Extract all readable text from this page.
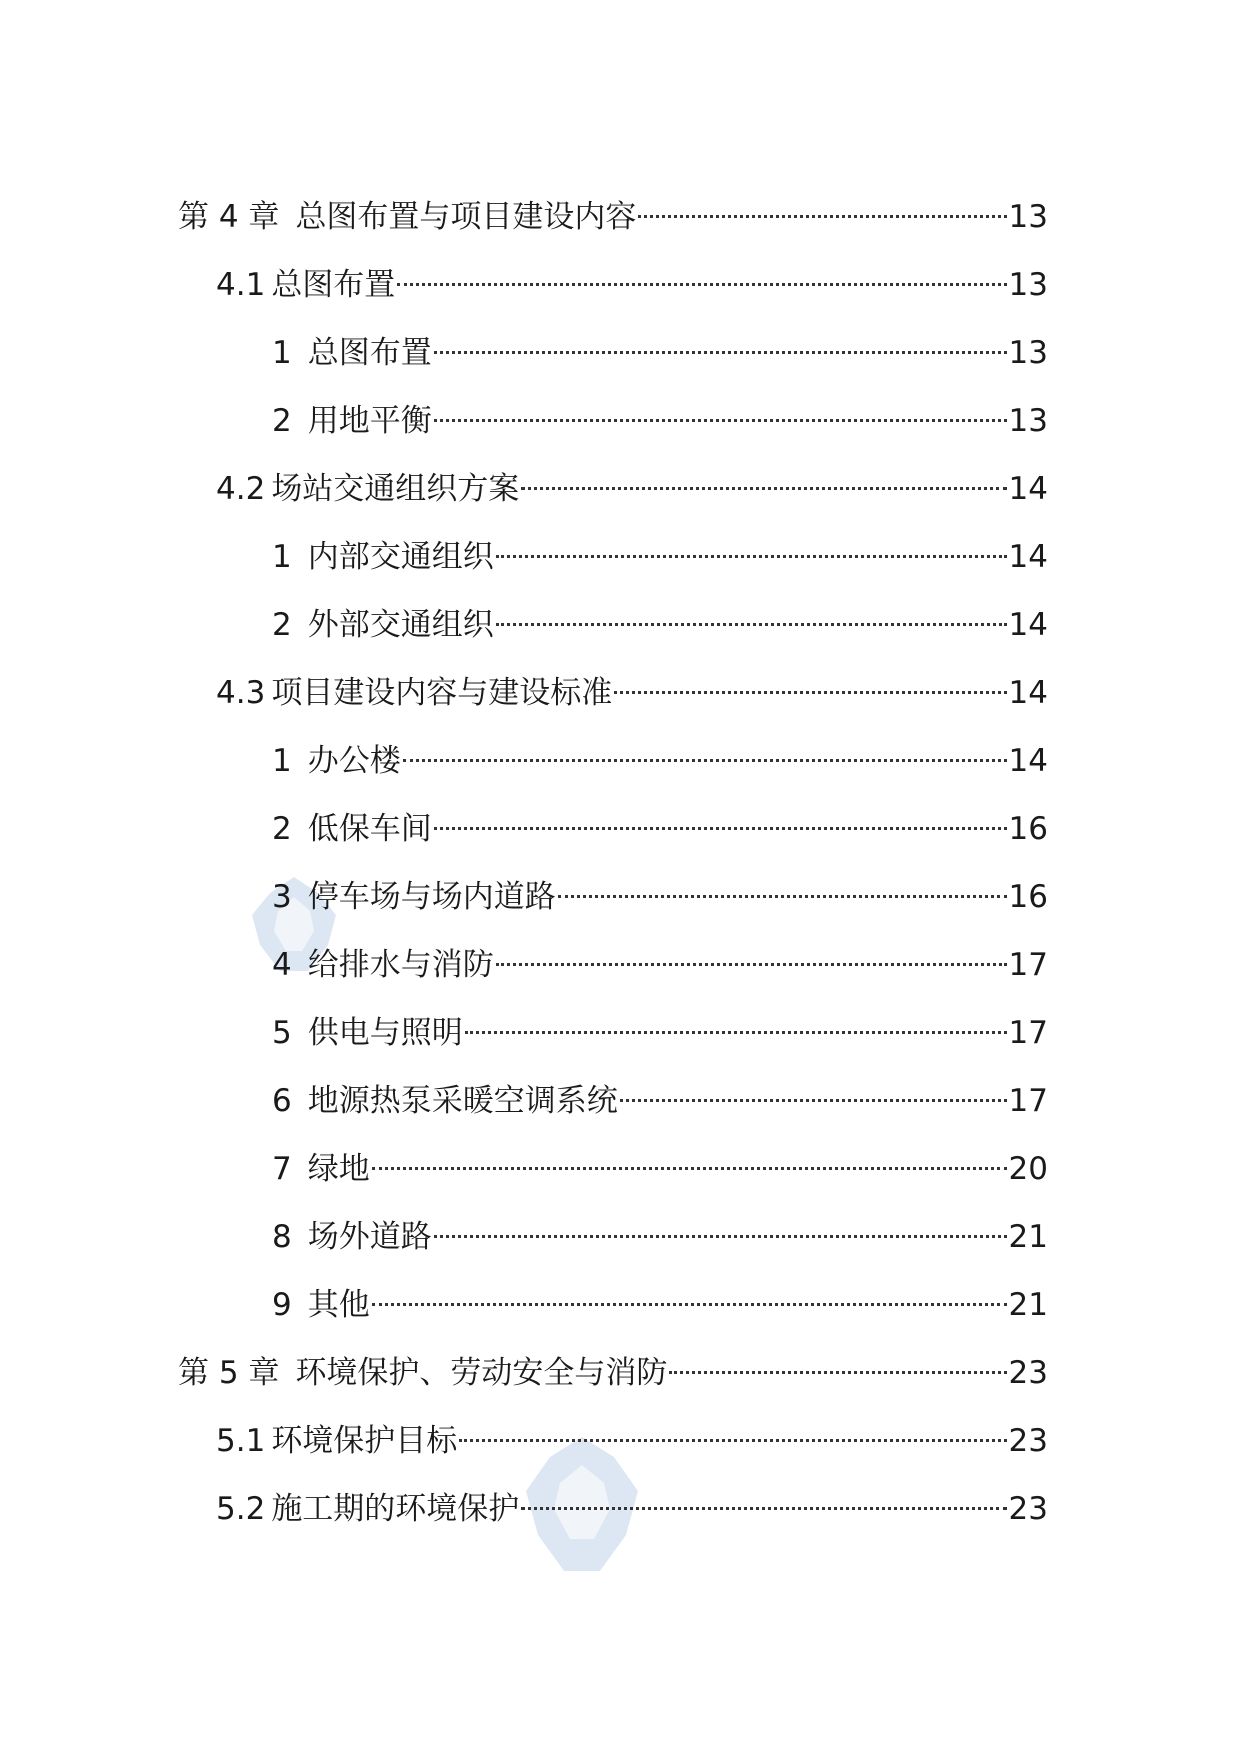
第 4 章 总图布置与项目建设内容	13
4.1 总图布置	13
1 总图布置	13
2 用地平衡	13
4.2 场站交通组织方案	14
1 内部交通组织	14
2 外部交通组织	14
4.3 项目建设内容与建设标准	14
1 办公楼	14
2 低保车间	16
3 停车场与场内道路	16
4 给排水与消防	17
5 供电与照明	17
6 地源热泵采暖空调系统	17
7 绿地	20
8 场外道路	21
9 其他	21
第 5 章 环境保护、劳动安全与消防	23
5.1 环境保护目标	23
5.2 施工期的环境保护	23
